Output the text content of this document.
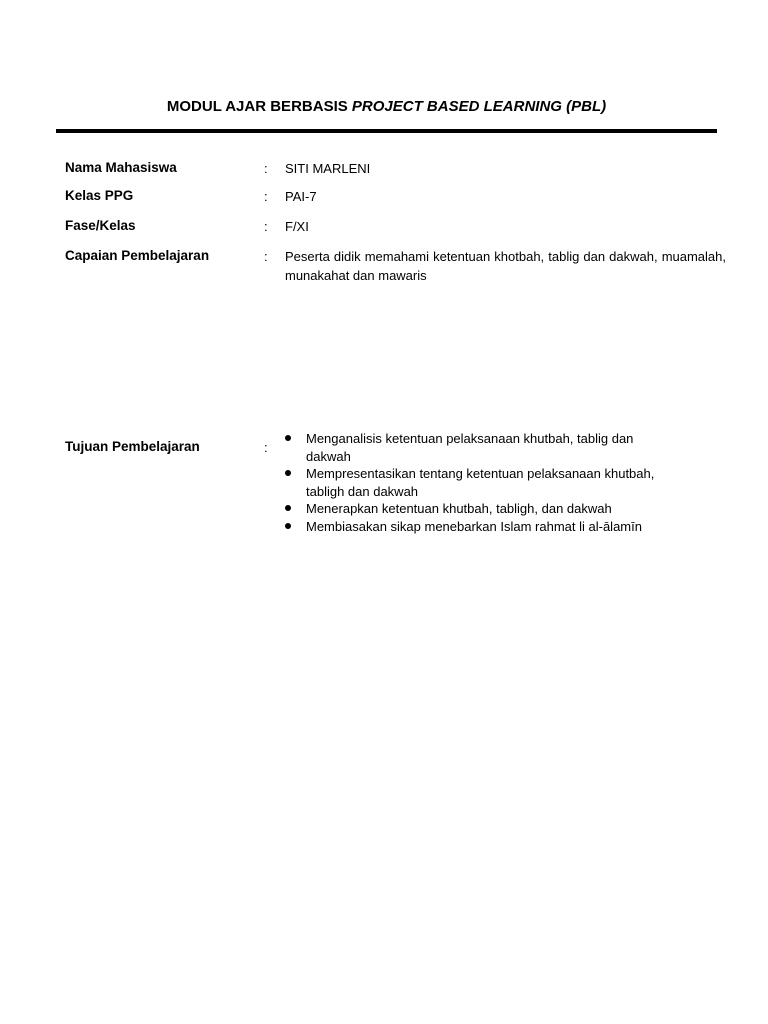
MODUL AJAR BERBASIS PROJECT BASED LEARNING (PBL)
Nama Mahasiswa	: SITI MARLENI
Kelas PPG	: PAI-7
Fase/Kelas	: F/XI
Capaian Pembelajaran	: Peserta didik memahami ketentuan khotbah, tablig dan dakwah, muamalah, munakahat dan mawaris
Tujuan Pembelajaran	:
Menganalisis ketentuan pelaksanaan khutbah, tablig dan dakwah
Mempresentasikan tentang ketentuan pelaksanaan khutbah, tabligh dan dakwah
Menerapkan ketentuan khutbah, tabligh, dan dakwah
Membiasakan sikap menebarkan Islam rahmat li al-ālamīn
